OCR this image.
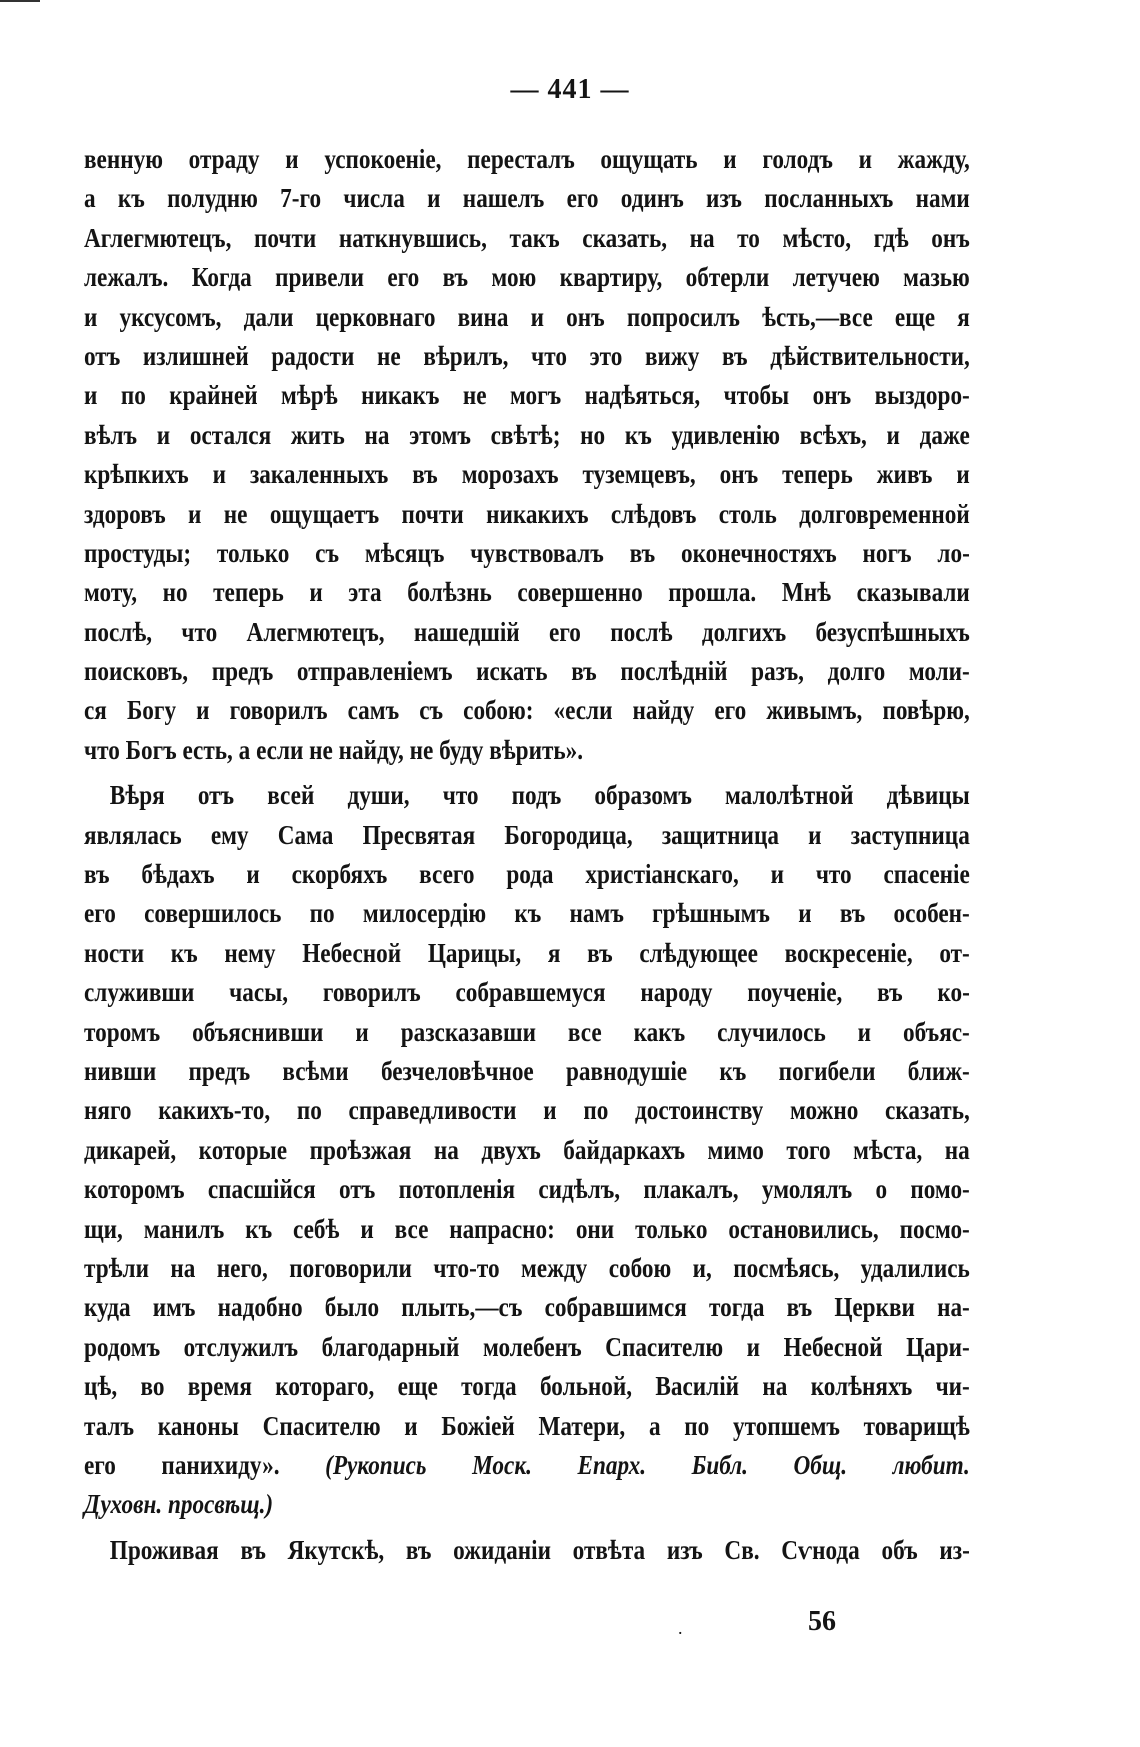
— 441 —
венную отраду и успокоеніе, пересталъ ощущать и голодъ и жажду,
а къ полудню 7-го числа и нашелъ его одинъ изъ посланныхъ нами
Аглегмютецъ, почти наткнувшись, такъ сказать, на то мѣсто, гдѣ онъ
лежалъ. Когда привели его въ мою квартиру, обтерли летучею мазью
и уксусомъ, дали церковнаго вина и онъ попросилъ ѣсть,—все еще я
отъ излишней радости не вѣрилъ, что это вижу въ дѣйствительности,
и по крайней мѣрѣ никакъ не могъ надѣяться, чтобы онъ выздоро-
вѣлъ и остался жить на этомъ свѣтѣ; но къ удивленію всѣхъ, и даже
крѣпкихъ и закаленныхъ въ морозахъ туземцевъ, онъ теперь живъ и
здоровъ и не ощущаетъ почти никакихъ слѣдовъ столь долговременной
простуды; только съ мѣсяцъ чувствовалъ въ оконечностяхъ ногъ ло-
моту, но теперь и эта болѣзнь совершенно прошла. Мнѣ сказывали
послѣ, что Алегмютецъ, нашедшій его послѣ долгихъ безуспѣшныхъ
поисковъ, предъ отправленіемъ искать въ послѣдній разъ, долго моли-
ся Богу и говорилъ самъ съ собою: «если найду его живымъ, повѣрю,
что Богъ есть, а если не найду, не буду вѣрить».
Вѣря отъ всей души, что подъ образомъ малолѣтной дѣвицы
являлась ему Сама Пресвятая Богородица, защитница и заступница
въ бѣдахъ и скорбяхъ всего рода христіанскаго, и что спасеніе
его совершилось по милосердію къ намъ грѣшнымъ и въ особен-
ности къ нему Небесной Царицы, я въ слѣдующее воскресеніе, от-
служивши часы, говорилъ собравшемуся народу поученіе, въ ко-
торомъ объяснивши и разсказавши все какъ случилось и объяс-
нивши предъ всѣми безчеловѣчное равнодушіе къ погибели ближ-
няго какихъ-то, по справедливости и по достоинству можно сказать,
дикарей, которые проѣзжая на двухъ байдаркахъ мимо того мѣста, на
которомъ спасшійся отъ потопленія сидѣлъ, плакалъ, умолялъ о помо-
щи, манилъ къ себѣ и все напрасно: они только остановились, посмо-
трѣли на него, поговорили что-то между собою и, посмѣясь, удалились
куда имъ надобно было плыть,—съ собравшимся тогда въ Церкви на-
родомъ отслужилъ благодарный молебенъ Спасителю и Небесной Цари-
цѣ, во время котораго, еще тогда больной, Василій на колѣняхъ чи-
талъ каноны Спасителю и Божіей Матери, а по утопшемъ товарищѣ
его панихиду». (Рукопись Моск. Епарх. Библ. Общ. любит.
Духовн. просвѣщ.)
Проживая въ Якутскѣ, въ ожиданіи отвѣта изъ Св. Сѵнода объ из-
.	56
